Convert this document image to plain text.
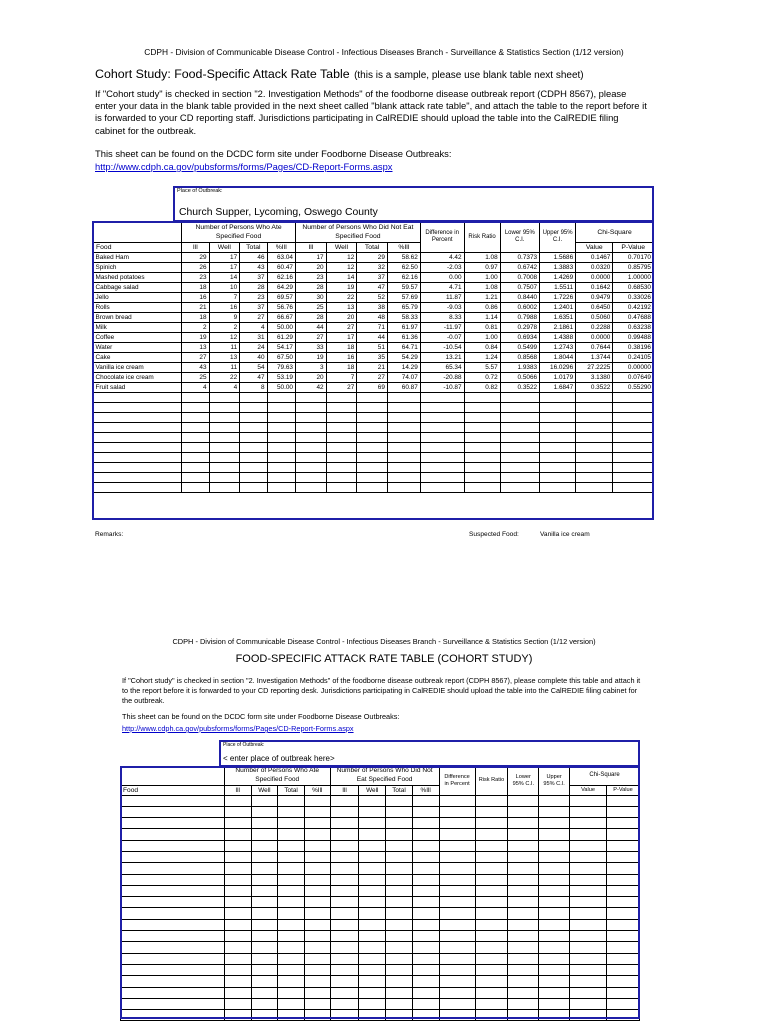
CDPH - Division of Communicable Disease Control - Infectious Diseases Branch - Surveillance & Statistics Section (1/12 version)
Cohort Study: Food-Specific Attack Rate Table (this is a sample, please use blank table next sheet)
If "Cohort study" is checked in section "2. Investigation Methods" of the foodborne disease outbreak report (CDPH 8567), please enter your data in the blank table provided in the next sheet called "blank attack rate table", and attach the table to the report before it is forwarded to your CD reporting staff. Jurisdictions participating in CalREDIE should upload the table into the CalREDIE filing cabinet for the outbreak.
This sheet can be found on the DCDC form site under Foodborne Disease Outbreaks:
http://www.cdph.ca.gov/pubsforms/forms/Pages/CD-Report-Forms.aspx
Place of Outbreak:
Church Supper, Lycoming, Oswego County
	Number of Persons Who Ate Specified Food				Number of Persons Who Did Not Eat Specified Food				Difference in Percent	Risk Ratio	Lower 95% C.I.	Upper 95% C.I.	Chi-Square	
Food	Ill	Well	Total	%Ill	Ill	Well	Total	%Ill					Value	P-Value
Baked Ham	29	17	46	63.04	17	12	29	58.62	4.42	1.08	0.7373	1.5686	0.1467	0.70170
Spinich	26	17	43	60.47	20	12	32	62.50	-2.03	0.97	0.6742	1.3883	0.0320	0.85795
Mashed potatoes	23	14	37	62.16	23	14	37	62.16	0.00	1.00	0.7008	1.4269	0.0000	1.00000
Cabbage salad	18	10	28	64.29	28	19	47	59.57	4.71	1.08	0.7507	1.5511	0.1642	0.68530
Jello	16	7	23	69.57	30	22	52	57.69	11.87	1.21	0.8440	1.7226	0.9479	0.33026
Rolls	21	16	37	56.76	25	13	38	65.79	-9.03	0.86	0.6002	1.2401	0.6450	0.42192
Brown bread	18	9	27	66.67	28	20	48	58.33	8.33	1.14	0.7988	1.6351	0.5060	0.47688
Milk	2	2	4	50.00	44	27	71	61.97	-11.97	0.81	0.2978	2.1861	0.2288	0.63238
Coffee	19	12	31	61.29	27	17	44	61.36	-0.07	1.00	0.6934	1.4388	0.0000	0.99488
Water	13	11	24	54.17	33	18	51	64.71	-10.54	0.84	0.5499	1.2743	0.7644	0.38196
Cake	27	13	40	67.50	19	16	35	54.29	13.21	1.24	0.8568	1.8044	1.3744	0.24105
Vanilla ice cream	43	11	54	79.63	3	18	21	14.29	65.34	5.57	1.9383	16.0296	27.2225	0.00000
Chocolate ice cream	25	22	47	53.19	20	7	27	74.07	-20.88	0.72	0.5066	1.0179	3.1380	0.07649
Fruit salad	4	4	8	50.00	42	27	69	60.87	-10.87	0.82	0.3522	1.6847	0.3522	0.55290

Remarks:	Suspected Food:	Vanilla ice cream
CDPH - Division of Communicable Disease Control - Infectious Diseases Branch - Surveillance & Statistics Section (1/12 version)
FOOD-SPECIFIC ATTACK RATE TABLE (COHORT STUDY)
If "Cohort study" is checked in section "2. Investigation Methods" of the foodborne disease outbreak report (CDPH 8567), please complete this table and attach it to the report before it is forwarded to your CD reporting desk. Jurisdictions participating in CalREDIE should upload the table into the CalREDIE filing cabinet for the outbreak.
This sheet can be found on the DCDC form site under Foodborne Disease Outbreaks:
http://www.cdph.ca.gov/pubsforms/forms/Pages/CD-Report-Forms.aspx
Place of Outbreak:
< enter place of outbreak here>
	Number of Persons Who Ate Specified Food				Number of Persons Who Did Not Eat Specified Food				Difference in Percent	Risk Ratio	Lower 95% C.I.	Upper 95% C.I.	Chi-Square	
Food	Ill	Well	Total	%Ill	Ill	Well	Total	%Ill					Value	P-Value
